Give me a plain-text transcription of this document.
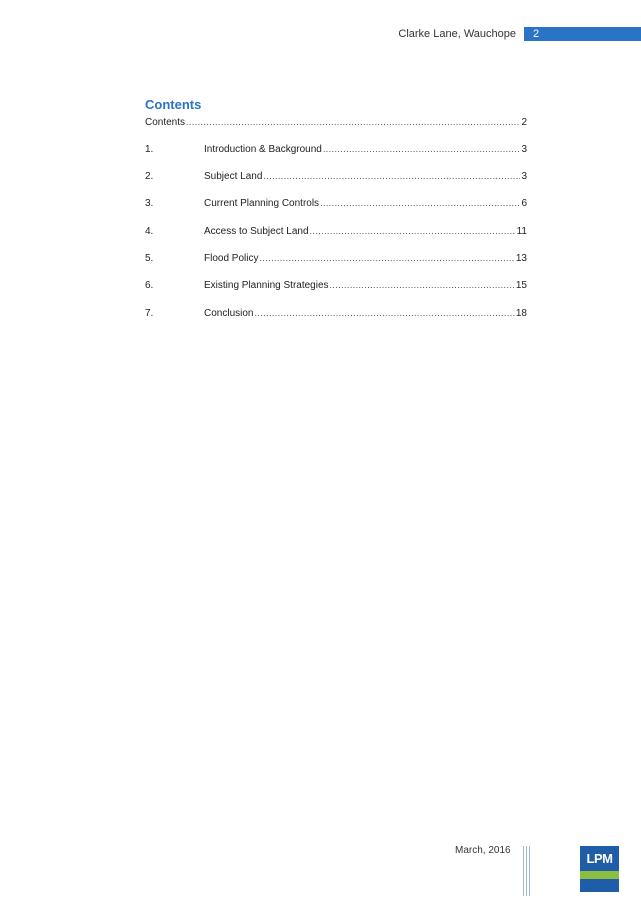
Clarke Lane, Wauchope 2
Contents
Contents .....	2
1.	Introduction & Background .....	3
2.	Subject Land .....	3
3.	Current Planning Controls .....	6
4.	Access to Subject Land .....	11
5.	Flood Policy .....	13
6.	Existing Planning Strategies .....	15
7.	Conclusion .....	18
March, 2016
LPM
